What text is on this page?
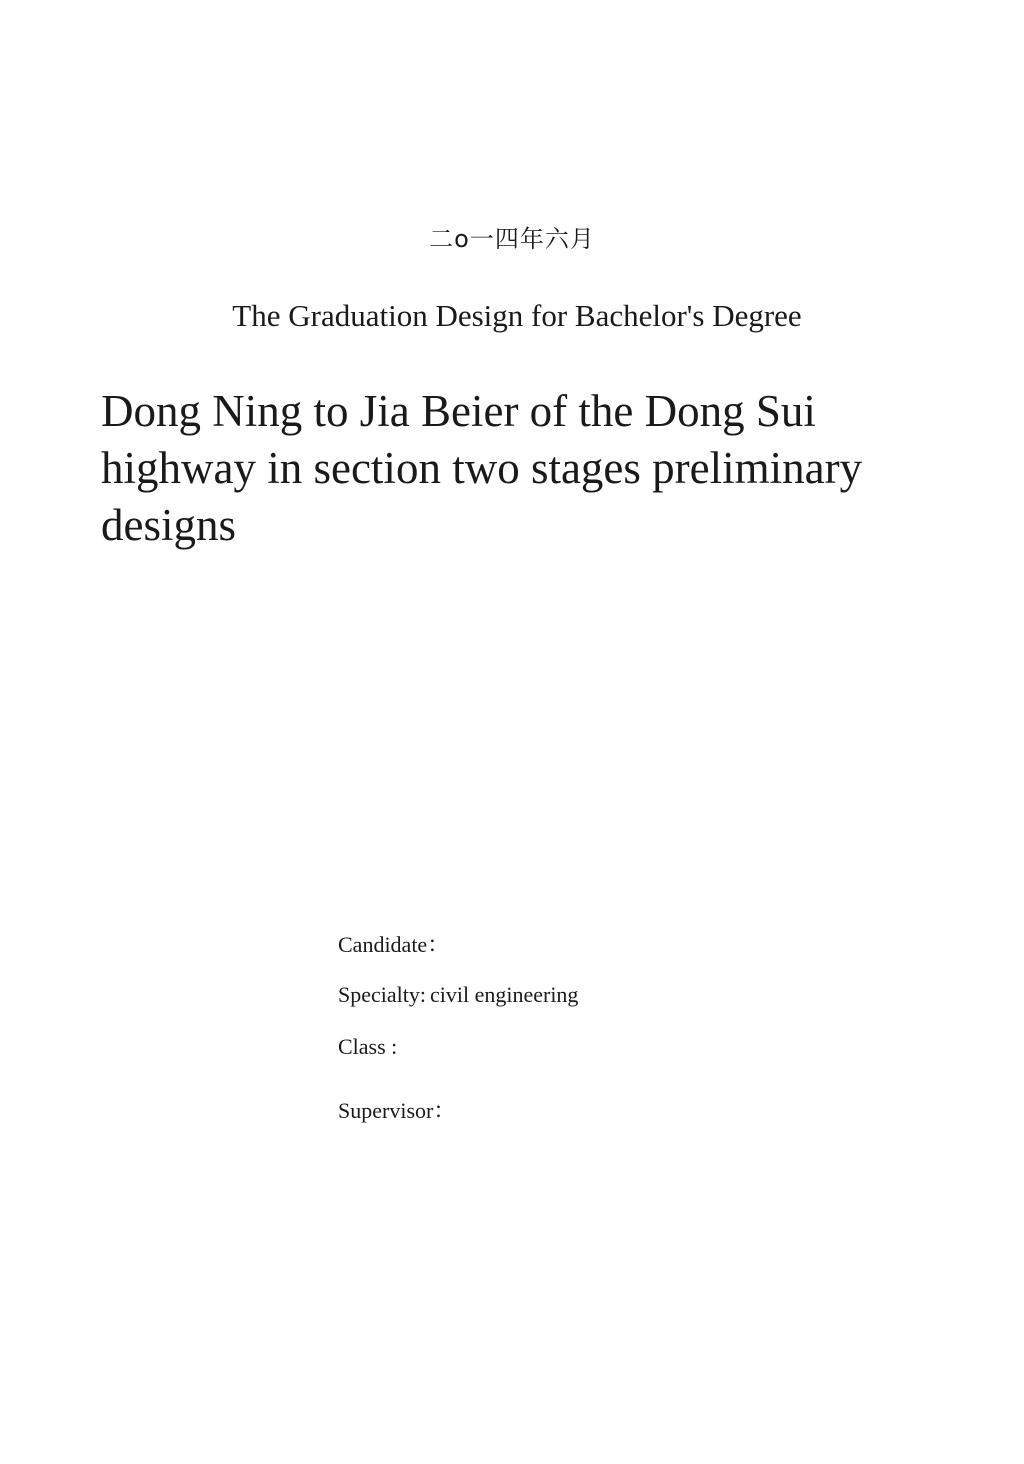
二o一四年六月
The Graduation Design for Bachelor's Degree
Dong Ning to Jia Beier of the Dong Sui highway in section two stages preliminary designs
Candidate：
Specialty: civil engineering
Class :
Supervisor：
